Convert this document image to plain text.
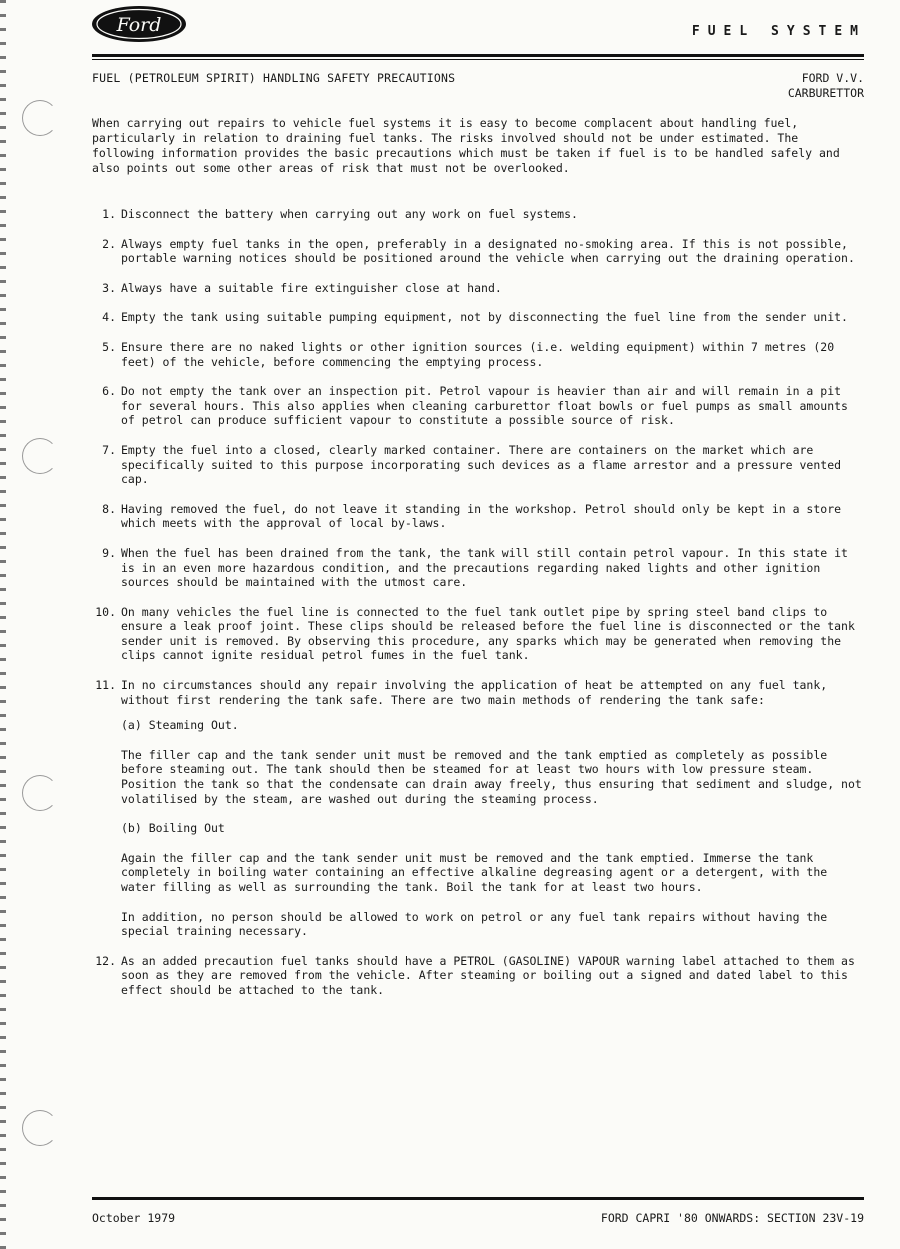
Ford	FUEL SYSTEM
FUEL (PETROLEUM SPIRIT) HANDLING SAFETY PRECAUTIONS	FORD V.V.
CARBURETTOR

When carrying out repairs to vehicle fuel systems it is easy to become complacent about handling fuel, particularly in relation to draining fuel tanks. The risks involved should not be under estimated. The following information provides the basic precautions which must be taken if fuel is to be handled safely and also points out some other areas of risk that must not be overlooked.

1. Disconnect the battery when carrying out any work on fuel systems.
2. Always empty fuel tanks in the open, preferably in a designated no-smoking area. If this is not possible, portable warning notices should be positioned around the vehicle when carrying out the draining operation.
3. Always have a suitable fire extinguisher close at hand.
4. Empty the tank using suitable pumping equipment, not by disconnecting the fuel line from the sender unit.
5. Ensure there are no naked lights or other ignition sources (i.e. welding equipment) within 7 metres (20 feet) of the vehicle, before commencing the emptying process.
6. Do not empty the tank over an inspection pit. Petrol vapour is heavier than air and will remain in a pit for several hours. This also applies when cleaning carburettor float bowls or fuel pumps as small amounts of petrol can produce sufficient vapour to constitute a possible source of risk.
7. Empty the fuel into a closed, clearly marked container. There are containers on the market which are specifically suited to this purpose incorporating such devices as a flame arrestor and a pressure vented cap.
8. Having removed the fuel, do not leave it standing in the workshop. Petrol should only be kept in a store which meets with the approval of local by-laws.
9. When the fuel has been drained from the tank, the tank will still contain petrol vapour. In this state it is in an even more hazardous condition, and the precautions regarding naked lights and other ignition sources should be maintained with the utmost care.
10. On many vehicles the fuel line is connected to the fuel tank outlet pipe by spring steel band clips to ensure a leak proof joint. These clips should be released before the fuel line is disconnected or the tank sender unit is removed. By observing this procedure, any sparks which may be generated when removing the clips cannot ignite residual petrol fumes in the fuel tank.
11. In no circumstances should any repair involving the application of heat be attempted on any fuel tank, without first rendering the tank safe. There are two main methods of rendering the tank safe:

(a) Steaming Out.

The filler cap and the tank sender unit must be removed and the tank emptied as completely as possible before steaming out. The tank should then be steamed for at least two hours with low pressure steam. Position the tank so that the condensate can drain away freely, thus ensuring that sediment and sludge, not volatilised by the steam, are washed out during the steaming process.

(b) Boiling Out

Again the filler cap and the tank sender unit must be removed and the tank emptied. Immerse the tank completely in boiling water containing an effective alkaline degreasing agent or a detergent, with the water filling as well as surrounding the tank. Boil the tank for at least two hours.

In addition, no person should be allowed to work on petrol or any fuel tank repairs without having the special training necessary.

12. As an added precaution fuel tanks should have a PETROL (GASOLINE) VAPOUR warning label attached to them as soon as they are removed from the vehicle. After steaming or boiling out a signed and dated label to this effect should be attached to the tank.
October 1979	FORD CAPRI '80 ONWARDS: SECTION 23V-19
